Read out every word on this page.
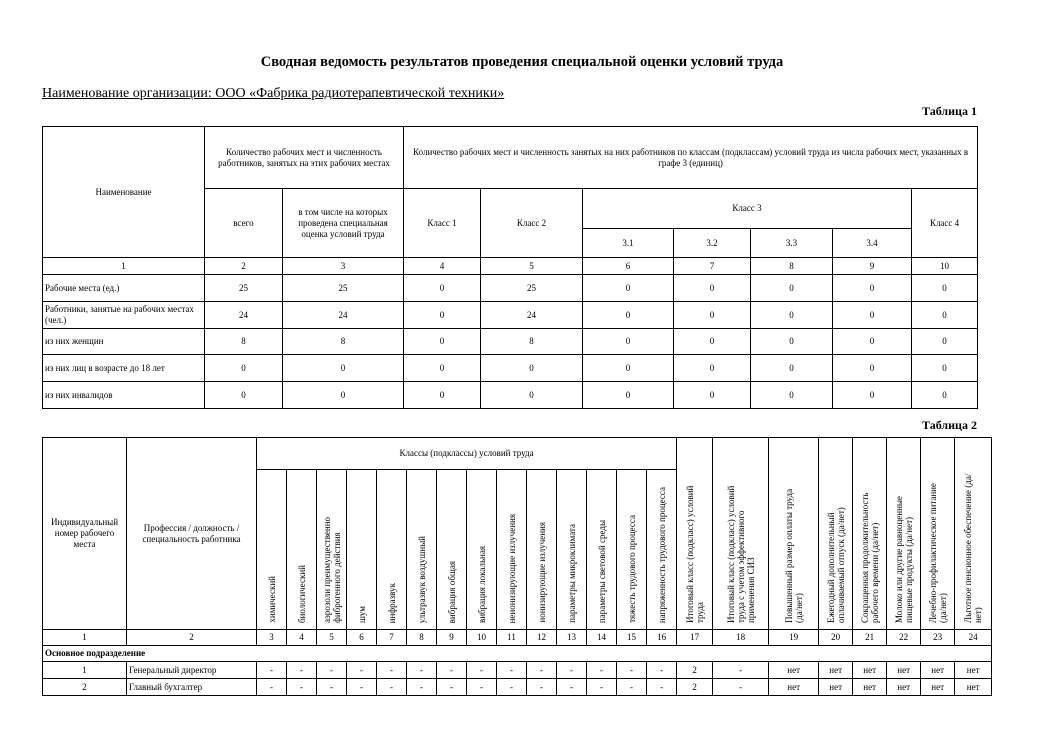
Сводная ведомость результатов проведения специальной оценки условий труда
Наименование организации: ООО «Фабрика радиотерапевтической техники»
Таблица 1
Наименование	Количество рабочих мест и численность работников, занятых на этих рабочих местах		Количество рабочих мест и численность занятых на них работников по классам (подклассам) условий труда из числа рабочих мест, указанных в графе 3 (единиц)						
	всего	в том числе на которых проведена специальная оценка условий труда	Класс 1	Класс 2	Класс 3				Класс 4
					3.1	3.2	3.3	3.4	
1	2	3	4	5	6	7	8	9	10
Рабочие места (ед.)	25	25	0	25	0	0	0	0	0
Работники, занятые на рабочих местах (чел.)	24	24	0	24	0	0	0	0	0
из них женщин	8	8	0	8	0	0	0	0	0
из них лиц в возрасте до 18 лет	0	0	0	0	0	0	0	0	0
из них инвалидов	0	0	0	0	0	0	0	0	0
Таблица 2
Индивидуальный номер рабочего места	Профессия / должность / специальность работника	Классы (подклассы) условий труда														Итоговый класс (подкласс) условий труда	Итоговый класс (подкласс) условий труда с учетом эффективного применения СИЗ	Повышенный размер оплаты труда (да/нет)	Ежегодный дополнительный оплачиваемый отпуск (да/нет)	Сокращенная продолжительность рабочего времени (да/нет)	Молоко или другие равноценные пищевые продукты (да/нет)	Лечебно-профилактическое питание (да/нет)	Льготное пенсионное обеспечение (да/нет)
		химический	биологический	аэрозоли преимущественно фиброгенного действия	шум	инфразвук	ультразвук воздушный	вибрация общая	вибрация локальная	неионизирующие излучения	ионизирующие излучения	параметры микроклимата	параметры световой среды	тяжесть трудового процесса	напряженность трудового процесса								
1	2	3	4	5	6	7	8	9	10	11	12	13	14	15	16	17	18	19	20	21	22	23	24
Основное подразделение																							
1	Генеральный директор	-	-	-	-	-	-	-	-	-	-	-	-	-	-	2	-	нет	нет	нет	нет	нет	нет
2	Главный бухгалтер	-	-	-	-	-	-	-	-	-	-	-	-	-	-	2	-	нет	нет	нет	нет	нет	нет
